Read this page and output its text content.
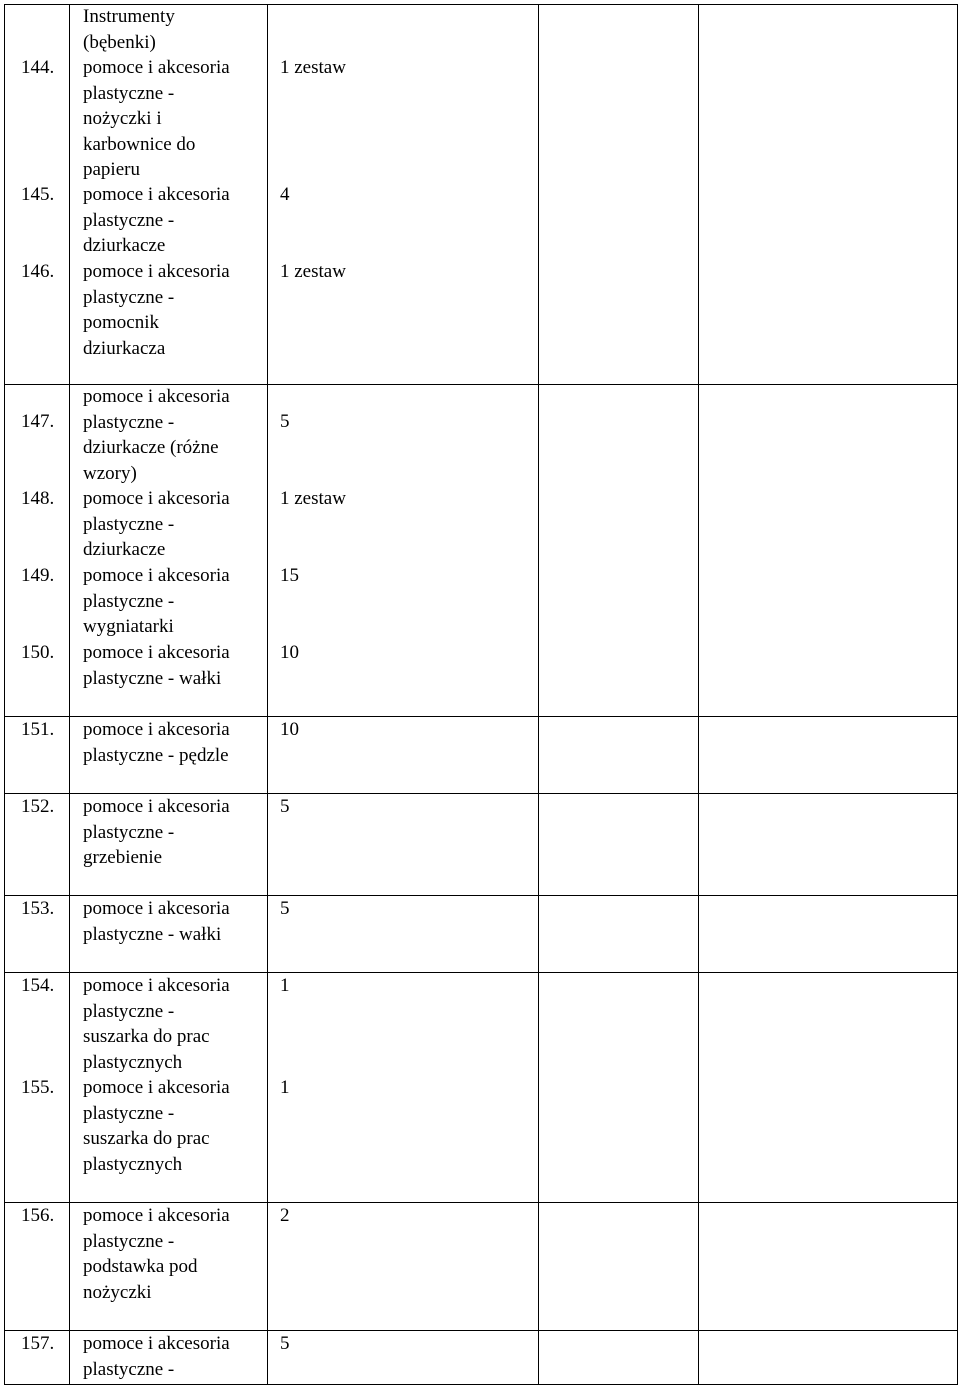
Instrumenty
(bębenki)
144. pomoce i akcesoria
plastyczne -
nożyczki i
karbownice do
papieru
1 zestaw
145. pomoce i akcesoria
plastyczne -
dziurkacze
4
146. pomoce i akcesoria
plastyczne -
pomocnik
dziurkacza
1 zestaw
147.
pomoce i akcesoria
plastyczne -
dziurkacze (różne
wzory)
5
148. pomoce i akcesoria
plastyczne -
dziurkacze
1 zestaw
149. pomoce i akcesoria
plastyczne -
wygniatarki
15
150. pomoce i akcesoria
plastyczne - wałki
10
151. pomoce i akcesoria
plastyczne - pędzle
10
152. pomoce i akcesoria
plastyczne -
grzebienie
5
153. pomoce i akcesoria
plastyczne - wałki
5
154. pomoce i akcesoria
plastyczne -
suszarka do prac
plastycznych
1
155. pomoce i akcesoria
plastyczne -
suszarka do prac
plastycznych
1
156. pomoce i akcesoria
plastyczne -
podstawka pod
nożyczki
2
157. pomoce i akcesoria
plastyczne -
5
